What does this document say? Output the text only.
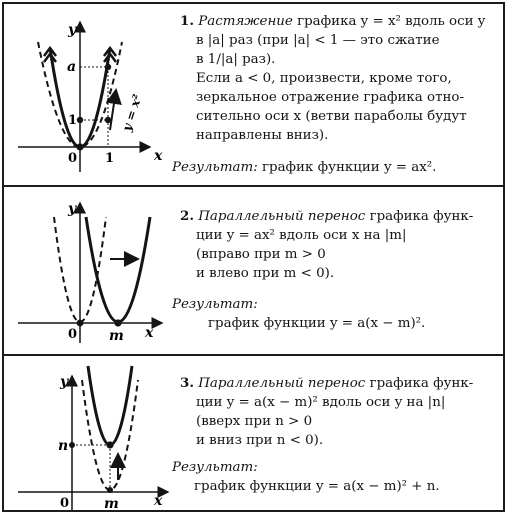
y
x
0 1
1
a
y = x²
1. Растяжение графика y = x² вдоль оси y
в |a| раз (при |a| < 1 — это сжатие
в 1/|a| раз).
Если a < 0, произвести, кроме того,
зеркальное отражение графика отно-
сительно оси x (ветви параболы будут
направлены вниз).
Результат: график функции y = ax².
y
x
0 m
2. Параллельный перенос графика функ-
ции y = ax² вдоль оси x на |m|
(вправо при m > 0
и влево при m < 0).
Результат:
график функции y = a(x − m)².
y
x
0 m
n
3. Параллельный перенос графика функ-
ции y = a(x − m)² вдоль оси y на |n|
(вверх при n > 0
и вниз при n < 0).
Результат:
график функции y = a(x − m)² + n.
